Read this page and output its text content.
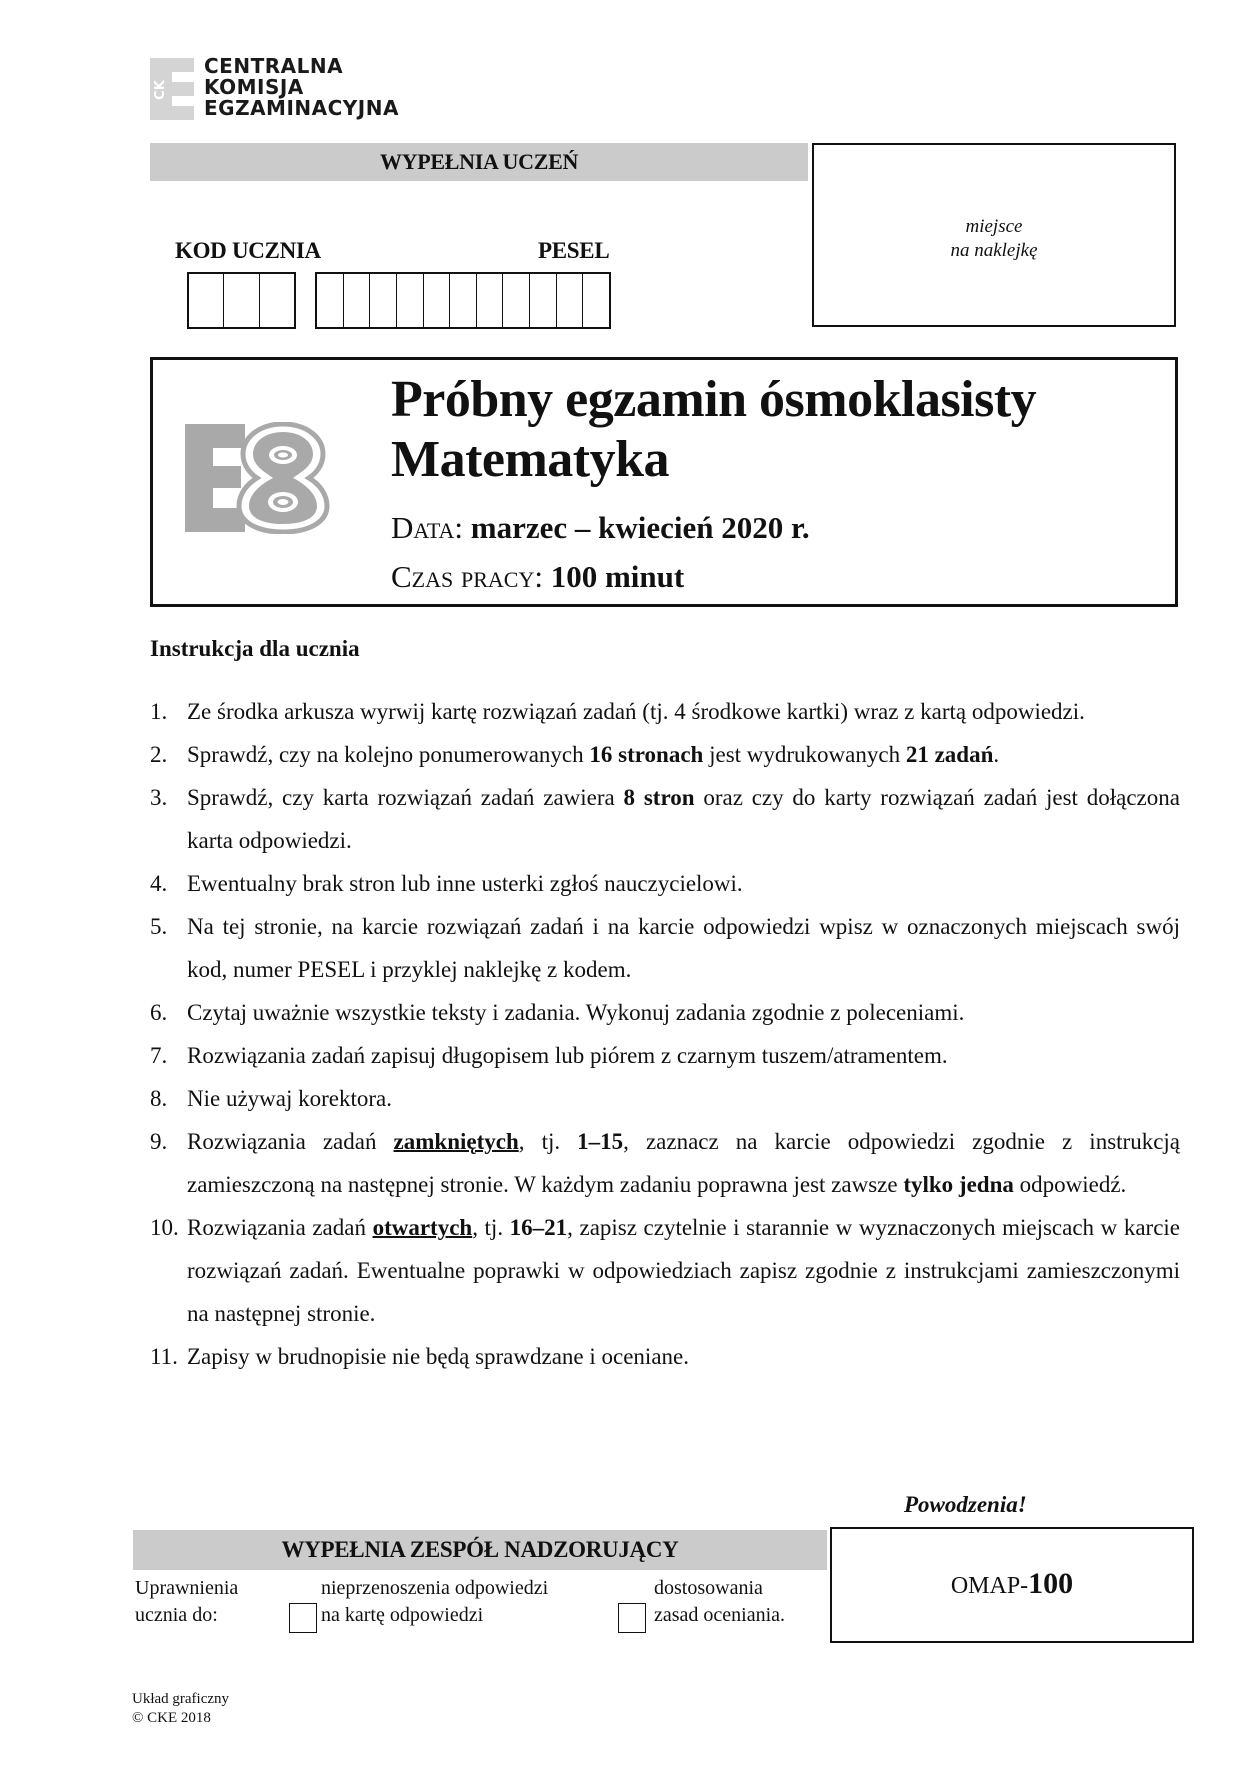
CK
CENTRALNA
KOMISJA
EGZAMINACYJNA
WYPEŁNIA UCZEŃ
miejsce
na naklejkę
KOD UCZNIA	PESEL
Próbny egzamin ósmoklasisty
Matematyka
Data: marzec – kwiecień 2020 r.
Czas pracy: 100 minut
Instrukcja dla ucznia
1. Ze środka arkusza wyrwij kartę rozwiązań zadań (tj. 4 środkowe kartki) wraz z kartą odpowiedzi.
2. Sprawdź, czy na kolejno ponumerowanych 16 stronach jest wydrukowanych 21 zadań.
3. Sprawdź, czy karta rozwiązań zadań zawiera 8 stron oraz czy do karty rozwiązań zadań jest dołączona karta odpowiedzi.
4. Ewentualny brak stron lub inne usterki zgłoś nauczycielowi.
5. Na tej stronie, na karcie rozwiązań zadań i na karcie odpowiedzi wpisz w oznaczonych miejscach swój kod, numer PESEL i przyklej naklejkę z kodem.
6. Czytaj uważnie wszystkie teksty i zadania. Wykonuj zadania zgodnie z poleceniami.
7. Rozwiązania zadań zapisuj długopisem lub piórem z czarnym tuszem/atramentem.
8. Nie używaj korektora.
9. Rozwiązania zadań zamkniętych, tj. 1–15, zaznacz na karcie odpowiedzi zgodnie z instrukcją zamieszczoną na następnej stronie. W każdym zadaniu poprawna jest zawsze tylko jedna odpowiedź.
10. Rozwiązania zadań otwartych, tj. 16–21, zapisz czytelnie i starannie w wyznaczonych miejscach w karcie rozwiązań zadań. Ewentualne poprawki w odpowiedziach zapisz zgodnie z instrukcjami zamieszczonymi na następnej stronie.
11. Zapisy w brudnopisie nie będą sprawdzane i oceniane.
Powodzenia!
WYPEŁNIA ZESPÓŁ NADZORUJĄCY
OMAP-100
Uprawnienia
ucznia do:
nieprzenoszenia odpowiedzi
na kartę odpowiedzi
dostosowania
zasad oceniania.
Układ graficzny
© CKE 2018
